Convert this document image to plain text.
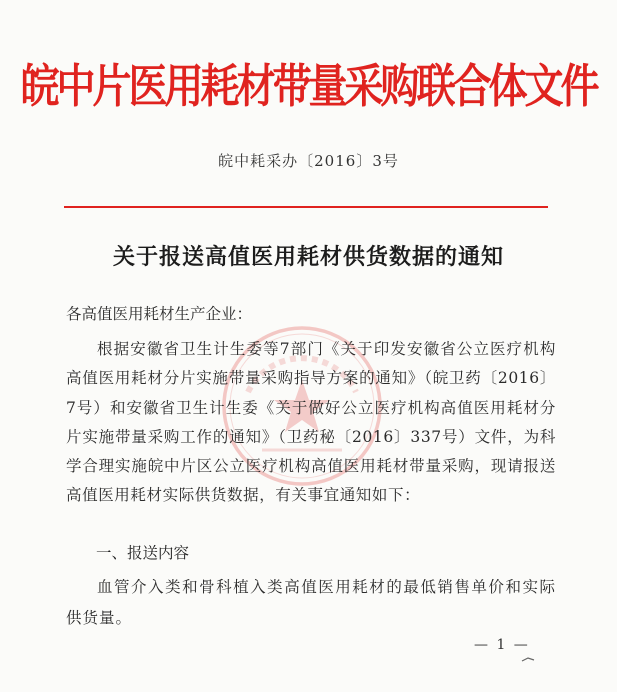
皖中片医用耗材带量采购联合体文件
皖中耗采办〔2016〕3号
关于报送高值医用耗材供货数据的通知
各高值医用耗材生产企业：
根据安徽省卫生计生委等7部门《关于印发安徽省公立医疗机构高值医用耗材分片实施带量采购指导方案的通知》（皖卫药〔2016〕7号）和安徽省卫生计生委《关于做好公立医疗机构高值医用耗材分片实施带量采购工作的通知》（卫药秘〔2016〕337号）文件，为科学合理实施皖中片区公立医疗机构高值医用耗材带量采购，现请报送高值医用耗材实际供货数据，有关事宜通知如下：
一、报送内容
血管介入类和骨科植入类高值医用耗材的最低销售单价和实际供货量。
— 1 —
